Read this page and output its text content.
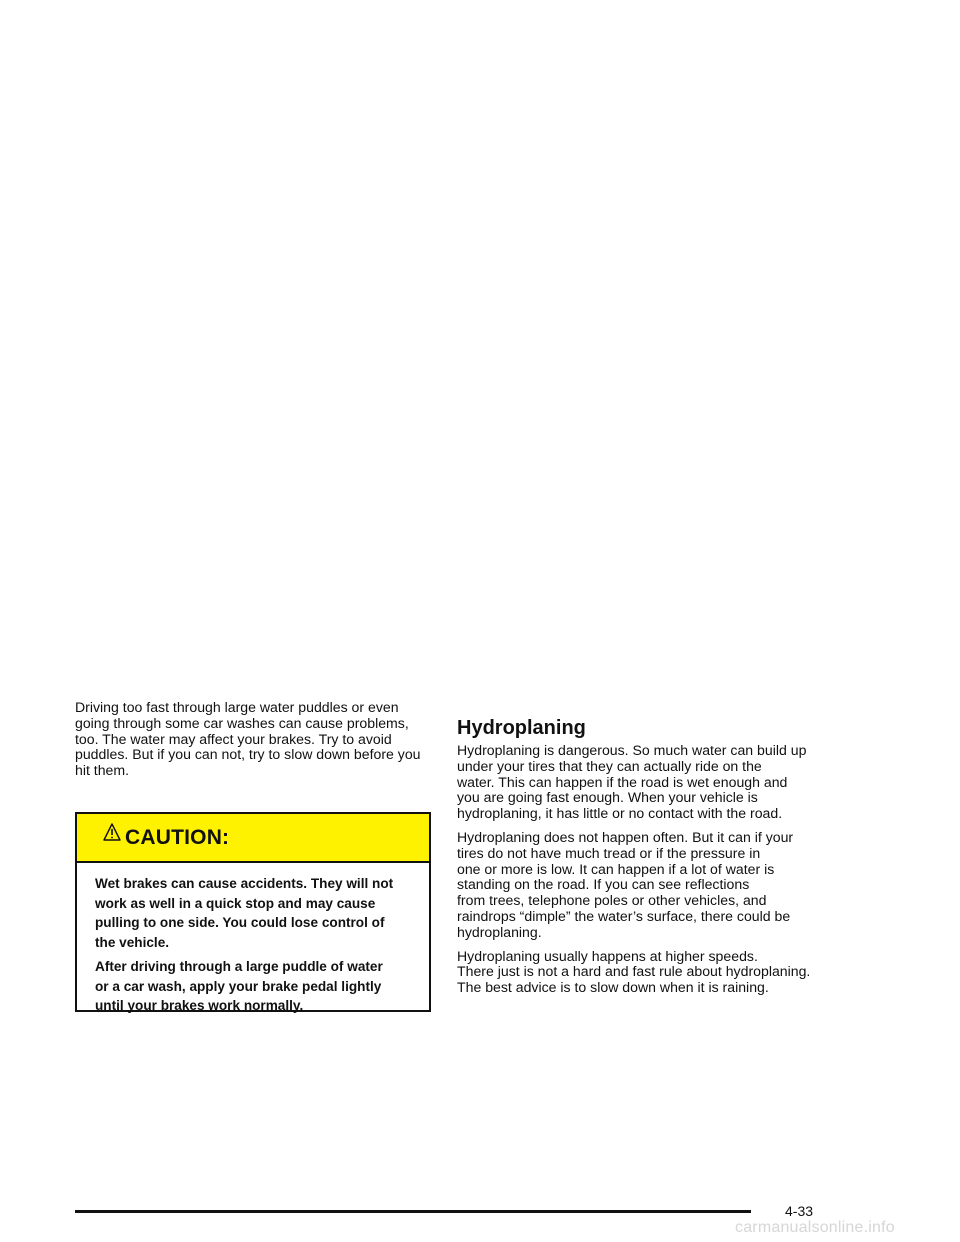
Driving too fast through large water puddles or even
going through some car washes can cause problems,
too. The water may affect your brakes. Try to avoid
puddles. But if you can not, try to slow down before you
hit them.

CAUTION:

Wet brakes can cause accidents. They will not
work as well in a quick stop and may cause
pulling to one side. You could lose control of
the vehicle.

After driving through a large puddle of water
or a car wash, apply your brake pedal lightly
until your brakes work normally.

Hydroplaning

Hydroplaning is dangerous. So much water can build up
under your tires that they can actually ride on the
water. This can happen if the road is wet enough and
you are going fast enough. When your vehicle is
hydroplaning, it has little or no contact with the road.

Hydroplaning does not happen often. But it can if your
tires do not have much tread or if the pressure in
one or more is low. It can happen if a lot of water is
standing on the road. If you can see reflections
from trees, telephone poles or other vehicles, and
raindrops “dimple” the water’s surface, there could be
hydroplaning.

Hydroplaning usually happens at higher speeds.
There just is not a hard and fast rule about hydroplaning.
The best advice is to slow down when it is raining.

4-33
carmanualsonline.info
